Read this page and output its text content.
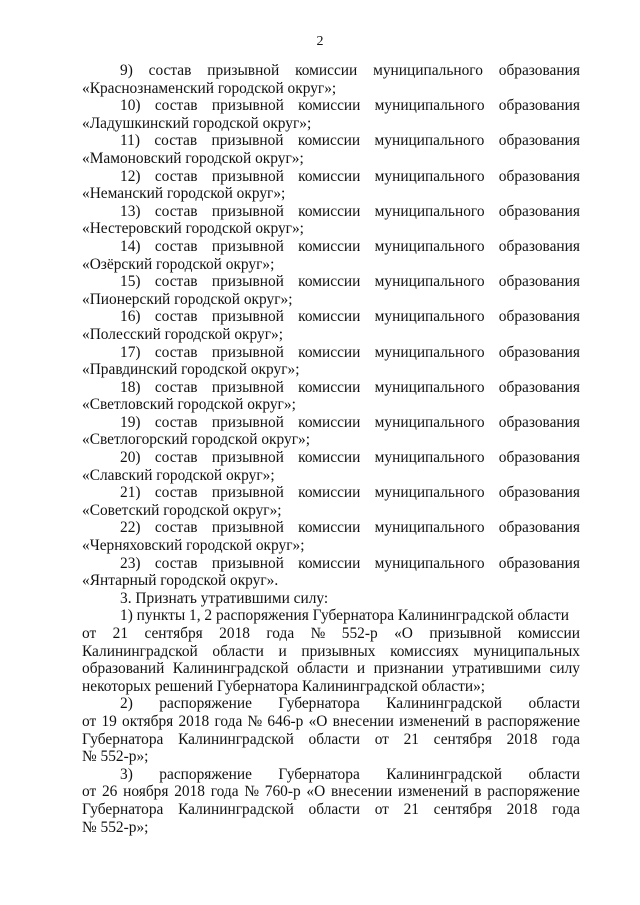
2
9) состав призывной комиссии муниципального образования
«Краснознаменский городской округ»;
10) состав призывной комиссии муниципального образования
«Ладушкинский городской округ»;
11) состав призывной комиссии муниципального образования
«Мамоновский городской округ»;
12) состав призывной комиссии муниципального образования
«Неманский городской округ»;
13) состав призывной комиссии муниципального образования
«Нестеровский городской округ»;
14) состав призывной комиссии муниципального образования
«Озёрский городской округ»;
15) состав призывной комиссии муниципального образования
«Пионерский городской округ»;
16) состав призывной комиссии муниципального образования
«Полесский городской округ»;
17) состав призывной комиссии муниципального образования
«Правдинский городской округ»;
18) состав призывной комиссии муниципального образования
«Светловский городской округ»;
19) состав призывной комиссии муниципального образования
«Светлогорский городской округ»;
20) состав призывной комиссии муниципального образования
«Славский городской округ»;
21) состав призывной комиссии муниципального образования
«Советский городской округ»;
22) состав призывной комиссии муниципального образования
«Черняховский городской округ»;
23) состав призывной комиссии муниципального образования
«Янтарный городской округ».
3. Признать утратившими силу:
1) пункты 1, 2 распоряжения Губернатора Калининградской области
от 21 сентября 2018 года № 552-р «О призывной комиссии
Калининградской области и призывных комиссиях муниципальных
образований Калининградской области и признании утратившими силу
некоторых решений Губернатора Калининградской области»;
2) распоряжение Губернатора Калининградской области
от 19 октября 2018 года № 646-р «О внесении изменений в распоряжение
Губернатора Калининградской области от 21 сентября 2018 года
№ 552-р»;
3) распоряжение Губернатора Калининградской области
от 26 ноября 2018 года № 760-р «О внесении изменений в распоряжение
Губернатора Калининградской области от 21 сентября 2018 года
№ 552-р»;
